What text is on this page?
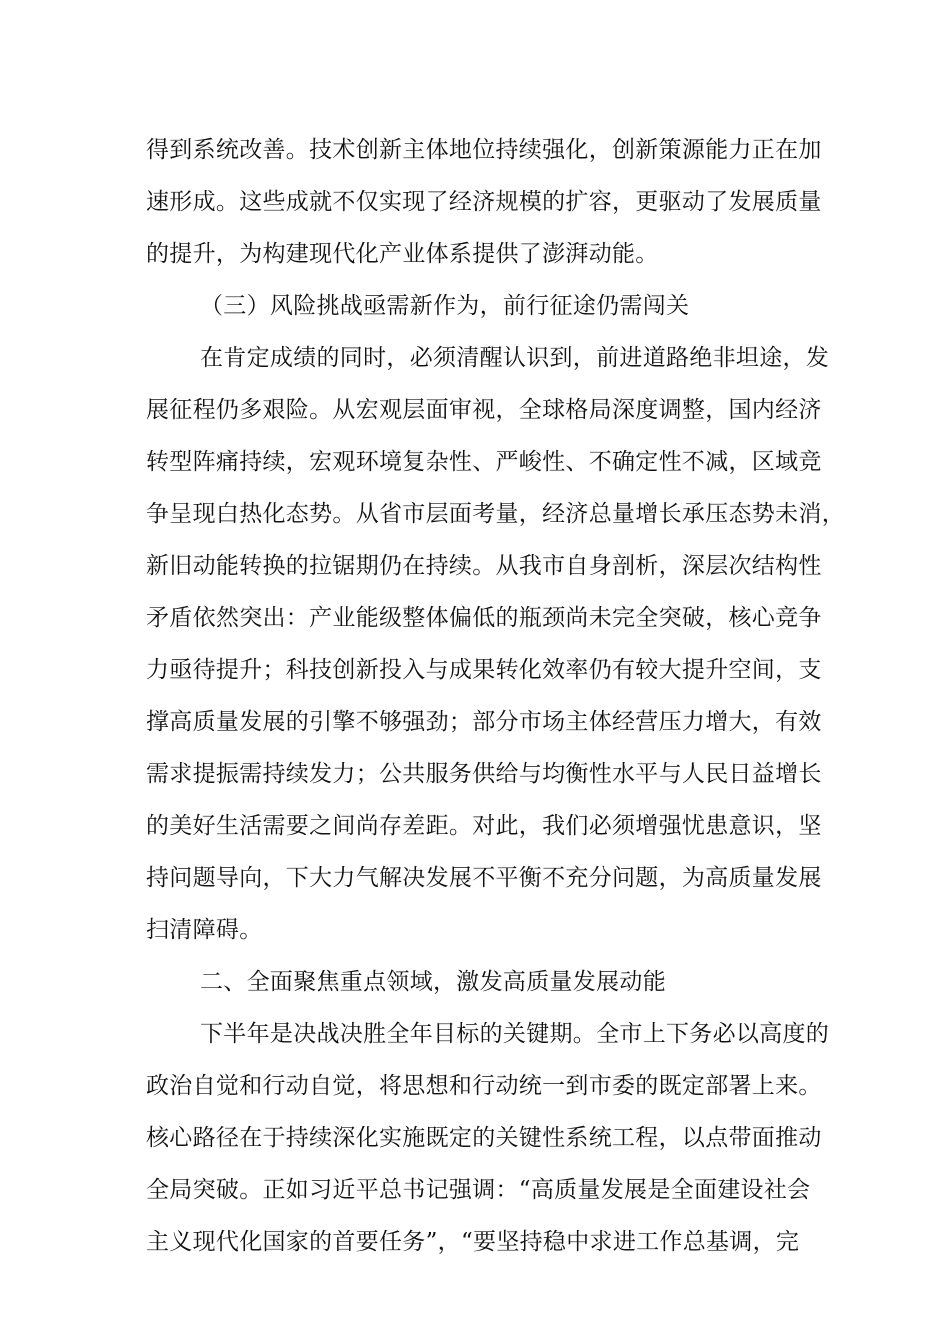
得到系统改善。技术创新主体地位持续强化，创新策源能力正在加
速形成。这些成就不仅实现了经济规模的扩容，更驱动了发展质量
的提升，为构建现代化产业体系提供了澎湃动能。
（三）风险挑战亟需新作为，前行征途仍需闯关
在肯定成绩的同时，必须清醒认识到，前进道路绝非坦途，发
展征程仍多艰险。从宏观层面审视，全球格局深度调整，国内经济
转型阵痛持续，宏观环境复杂性、严峻性、不确定性不减，区域竞
争呈现白热化态势。从省市层面考量，经济总量增长承压态势未消，
新旧动能转换的拉锯期仍在持续。从我市自身剖析，深层次结构性
矛盾依然突出：产业能级整体偏低的瓶颈尚未完全突破，核心竞争
力亟待提升；科技创新投入与成果转化效率仍有较大提升空间，支
撑高质量发展的引擎不够强劲；部分市场主体经营压力增大，有效
需求提振需持续发力；公共服务供给与均衡性水平与人民日益增长
的美好生活需要之间尚存差距。对此，我们必须增强忧患意识，坚
持问题导向，下大力气解决发展不平衡不充分问题，为高质量发展
扫清障碍。
二、全面聚焦重点领域，激发高质量发展动能
下半年是决战决胜全年目标的关键期。全市上下务必以高度的
政治自觉和行动自觉，将思想和行动统一到市委的既定部署上来。
核心路径在于持续深化实施既定的关键性系统工程，以点带面推动
全局突破。正如习近平总书记强调：“高质量发展是全面建设社会
主义现代化国家的首要任务”，“要坚持稳中求进工作总基调，完
